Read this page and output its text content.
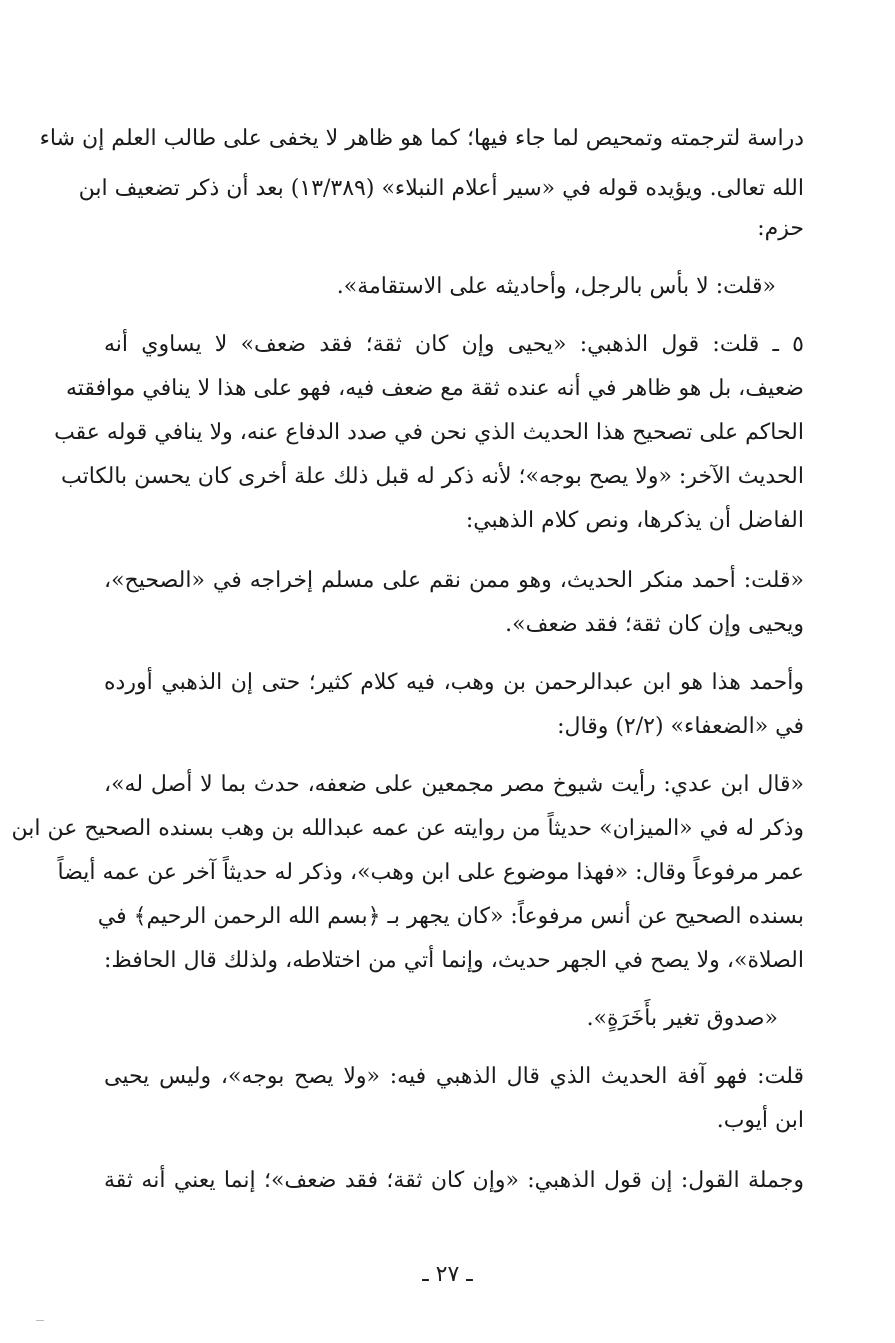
دراسة لترجمته وتمحيص لما جاء فيها؛ كما هو ظاهر لا يخفى على طالب العلم إن شاء
الله تعالى. ويؤيده قوله في «سير أعلام النبلاء» (١٣/٣٨٩) بعد أن ذكر تضعيف ابن
حزم:
«قلت: لا بأس بالرجل، وأحاديثه على الاستقامة».
٥ ـ قلت: قول الذهبي: «يحيى وإن كان ثقة؛ فقد ضعف» لا يساوي أنه
ضعيف، بل هو ظاهر في أنه عنده ثقة مع ضعف فيه، فهو على هذا لا ينافي موافقته
الحاكم على تصحيح هذا الحديث الذي نحن في صدد الدفاع عنه، ولا ينافي قوله عقب
الحديث الآخر: «ولا يصح بوجه»؛ لأنه ذكر له قبل ذلك علة أخرى كان يحسن بالكاتب
الفاضل أن يذكرها، ونص كلام الذهبي:
«قلت: أحمد منكر الحديث، وهو ممن نقم على مسلم إخراجه في «الصحيح»،
ويحيى وإن كان ثقة؛ فقد ضعف».
وأحمد هذا هو ابن عبدالرحمن بن وهب، فيه كلام كثير؛ حتى إن الذهبي أورده
في «الضعفاء» (٢/٢) وقال:
«قال ابن عدي: رأيت شيوخ مصر مجمعين على ضعفه، حدث بما لا أصل له»،
وذكر له في «الميزان» حديثاً من روايته عن عمه عبدالله بن وهب بسنده الصحيح عن ابن
عمر مرفوعاً وقال: «فهذا موضوع على ابن وهب»، وذكر له حديثاً آخر عن عمه أيضاً
بسنده الصحيح عن أنس مرفوعاً: «كان يجهر بـ ﴿بسم الله الرحمن الرحيم﴾ في
الصلاة»، ولا يصح في الجهر حديث، وإنما أتي من اختلاطه، ولذلك قال الحافظ:
«صدوق تغير بأَخَرَةٍ».
قلت: فهو آفة الحديث الذي قال الذهبي فيه: «ولا يصح بوجه»، وليس يحيى
ابن أيوب.
وجملة القول: إن قول الذهبي: «وإن كان ثقة؛ فقد ضعف»؛ إنما يعني أنه ثقة
ـ ٢٧ ـ
